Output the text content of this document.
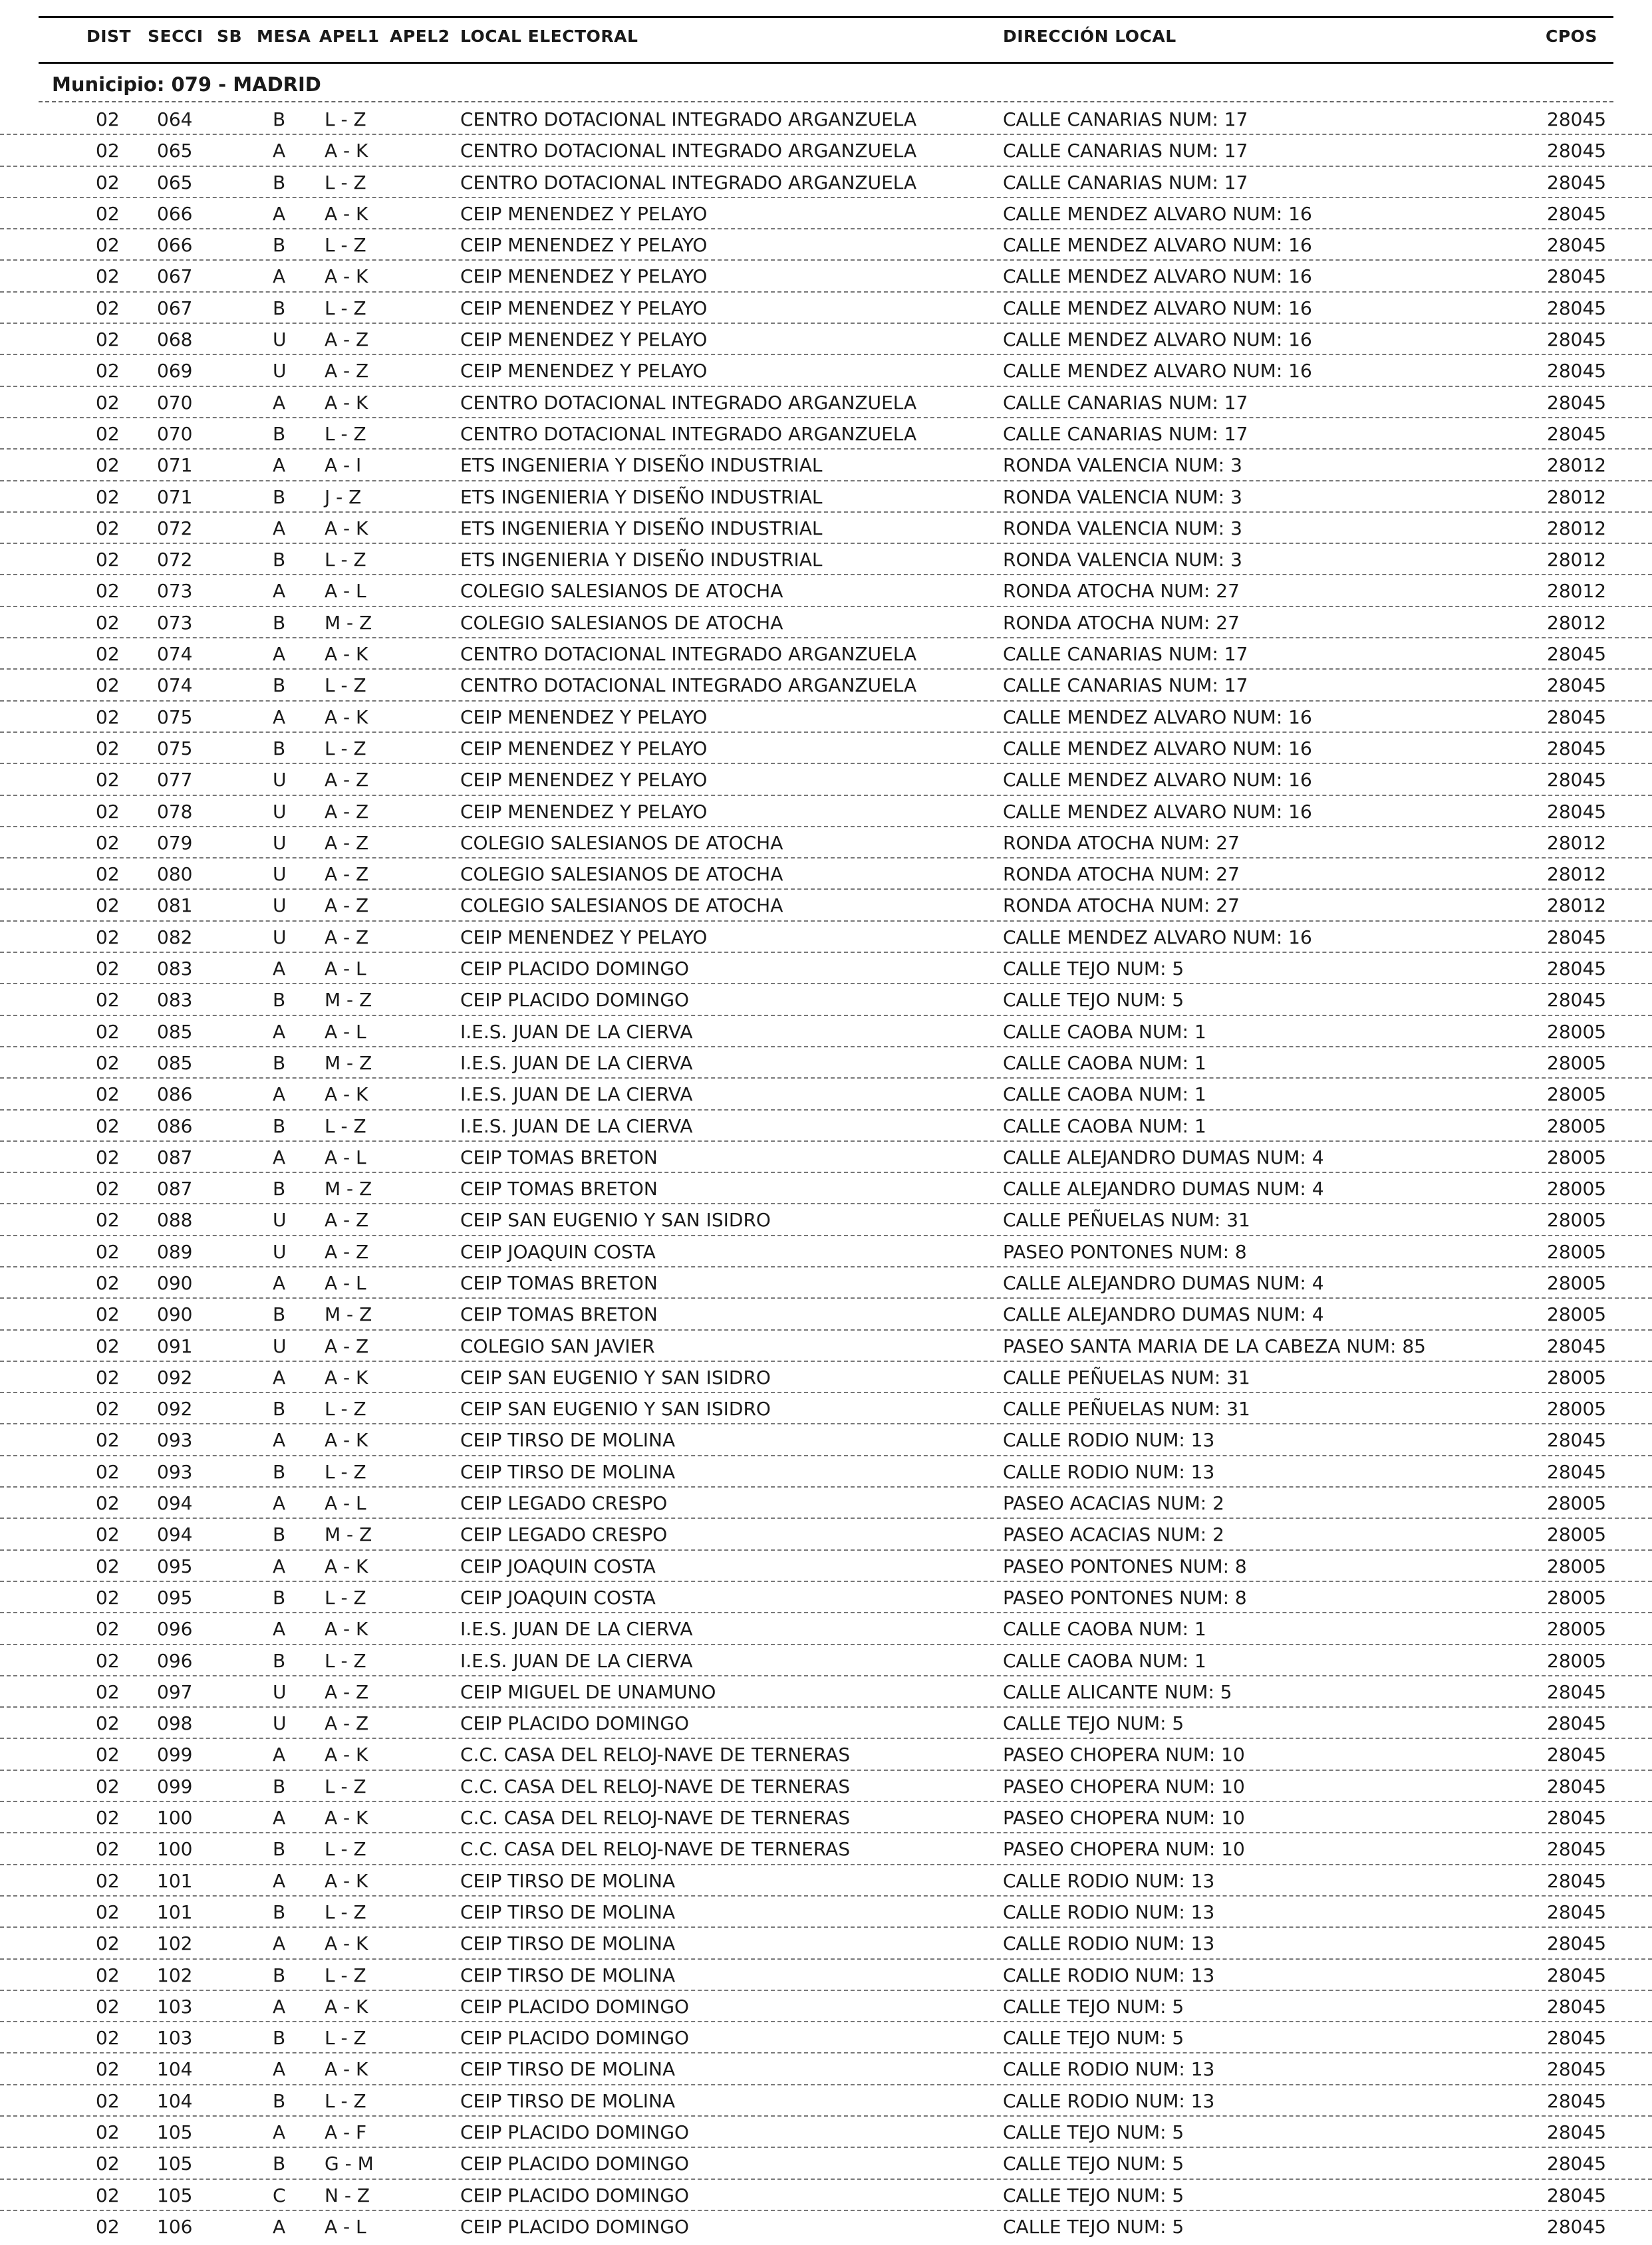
DIST SECCI SB MESA APEL1 APEL2 LOCAL ELECTORAL	DIRECCIÓN LOCAL	CPOS
Municipio: 079 - MADRID
02 064	B L - Z	CENTRO DOTACIONAL INTEGRADO ARGANZUELA	CALLE CANARIAS NUM: 17	28045
02 065	A A - K	CENTRO DOTACIONAL INTEGRADO ARGANZUELA	CALLE CANARIAS NUM: 17	28045
02 065	B L - Z	CENTRO DOTACIONAL INTEGRADO ARGANZUELA	CALLE CANARIAS NUM: 17	28045
02 066	A A - K	CEIP MENENDEZ Y PELAYO	CALLE MENDEZ ALVARO NUM: 16	28045
02 066	B L - Z	CEIP MENENDEZ Y PELAYO	CALLE MENDEZ ALVARO NUM: 16	28045
02 067	A A - K	CEIP MENENDEZ Y PELAYO	CALLE MENDEZ ALVARO NUM: 16	28045
02 067	B L - Z	CEIP MENENDEZ Y PELAYO	CALLE MENDEZ ALVARO NUM: 16	28045
02 068	U A - Z	CEIP MENENDEZ Y PELAYO	CALLE MENDEZ ALVARO NUM: 16	28045
02 069	U A - Z	CEIP MENENDEZ Y PELAYO	CALLE MENDEZ ALVARO NUM: 16	28045
02 070	A A - K	CENTRO DOTACIONAL INTEGRADO ARGANZUELA	CALLE CANARIAS NUM: 17	28045
02 070	B L - Z	CENTRO DOTACIONAL INTEGRADO ARGANZUELA	CALLE CANARIAS NUM: 17	28045
02 071	A A - I	ETS INGENIERIA Y DISEÑO INDUSTRIAL	RONDA VALENCIA NUM: 3	28012
02 071	B J - Z	ETS INGENIERIA Y DISEÑO INDUSTRIAL	RONDA VALENCIA NUM: 3	28012
02 072	A A - K	ETS INGENIERIA Y DISEÑO INDUSTRIAL	RONDA VALENCIA NUM: 3	28012
02 072	B L - Z	ETS INGENIERIA Y DISEÑO INDUSTRIAL	RONDA VALENCIA NUM: 3	28012
02 073	A A - L	COLEGIO SALESIANOS DE ATOCHA	RONDA ATOCHA NUM: 27	28012
02 073	B M - Z	COLEGIO SALESIANOS DE ATOCHA	RONDA ATOCHA NUM: 27	28012
02 074	A A - K	CENTRO DOTACIONAL INTEGRADO ARGANZUELA	CALLE CANARIAS NUM: 17	28045
02 074	B L - Z	CENTRO DOTACIONAL INTEGRADO ARGANZUELA	CALLE CANARIAS NUM: 17	28045
02 075	A A - K	CEIP MENENDEZ Y PELAYO	CALLE MENDEZ ALVARO NUM: 16	28045
02 075	B L - Z	CEIP MENENDEZ Y PELAYO	CALLE MENDEZ ALVARO NUM: 16	28045
02 077	U A - Z	CEIP MENENDEZ Y PELAYO	CALLE MENDEZ ALVARO NUM: 16	28045
02 078	U A - Z	CEIP MENENDEZ Y PELAYO	CALLE MENDEZ ALVARO NUM: 16	28045
02 079	U A - Z	COLEGIO SALESIANOS DE ATOCHA	RONDA ATOCHA NUM: 27	28012
02 080	U A - Z	COLEGIO SALESIANOS DE ATOCHA	RONDA ATOCHA NUM: 27	28012
02 081	U A - Z	COLEGIO SALESIANOS DE ATOCHA	RONDA ATOCHA NUM: 27	28012
02 082	U A - Z	CEIP MENENDEZ Y PELAYO	CALLE MENDEZ ALVARO NUM: 16	28045
02 083	A A - L	CEIP PLACIDO DOMINGO	CALLE TEJO NUM: 5	28045
02 083	B M - Z	CEIP PLACIDO DOMINGO	CALLE TEJO NUM: 5	28045
02 085	A A - L	I.E.S. JUAN DE LA CIERVA	CALLE CAOBA NUM: 1	28005
02 085	B M - Z	I.E.S. JUAN DE LA CIERVA	CALLE CAOBA NUM: 1	28005
02 086	A A - K	I.E.S. JUAN DE LA CIERVA	CALLE CAOBA NUM: 1	28005
02 086	B L - Z	I.E.S. JUAN DE LA CIERVA	CALLE CAOBA NUM: 1	28005
02 087	A A - L	CEIP TOMAS BRETON	CALLE ALEJANDRO DUMAS NUM: 4	28005
02 087	B M - Z	CEIP TOMAS BRETON	CALLE ALEJANDRO DUMAS NUM: 4	28005
02 088	U A - Z	CEIP SAN EUGENIO Y SAN ISIDRO	CALLE PEÑUELAS NUM: 31	28005
02 089	U A - Z	CEIP JOAQUIN COSTA	PASEO PONTONES NUM: 8	28005
02 090	A A - L	CEIP TOMAS BRETON	CALLE ALEJANDRO DUMAS NUM: 4	28005
02 090	B M - Z	CEIP TOMAS BRETON	CALLE ALEJANDRO DUMAS NUM: 4	28005
02 091	U A - Z	COLEGIO SAN JAVIER	PASEO SANTA MARIA DE LA CABEZA NUM: 85	28045
02 092	A A - K	CEIP SAN EUGENIO Y SAN ISIDRO	CALLE PEÑUELAS NUM: 31	28005
02 092	B L - Z	CEIP SAN EUGENIO Y SAN ISIDRO	CALLE PEÑUELAS NUM: 31	28005
02 093	A A - K	CEIP TIRSO DE MOLINA	CALLE RODIO NUM: 13	28045
02 093	B L - Z	CEIP TIRSO DE MOLINA	CALLE RODIO NUM: 13	28045
02 094	A A - L	CEIP LEGADO CRESPO	PASEO ACACIAS NUM: 2	28005
02 094	B M - Z	CEIP LEGADO CRESPO	PASEO ACACIAS NUM: 2	28005
02 095	A A - K	CEIP JOAQUIN COSTA	PASEO PONTONES NUM: 8	28005
02 095	B L - Z	CEIP JOAQUIN COSTA	PASEO PONTONES NUM: 8	28005
02 096	A A - K	I.E.S. JUAN DE LA CIERVA	CALLE CAOBA NUM: 1	28005
02 096	B L - Z	I.E.S. JUAN DE LA CIERVA	CALLE CAOBA NUM: 1	28005
02 097	U A - Z	CEIP MIGUEL DE UNAMUNO	CALLE ALICANTE NUM: 5	28045
02 098	U A - Z	CEIP PLACIDO DOMINGO	CALLE TEJO NUM: 5	28045
02 099	A A - K	C.C. CASA DEL RELOJ-NAVE DE TERNERAS	PASEO CHOPERA NUM: 10	28045
02 099	B L - Z	C.C. CASA DEL RELOJ-NAVE DE TERNERAS	PASEO CHOPERA NUM: 10	28045
02 100	A A - K	C.C. CASA DEL RELOJ-NAVE DE TERNERAS	PASEO CHOPERA NUM: 10	28045
02 100	B L - Z	C.C. CASA DEL RELOJ-NAVE DE TERNERAS	PASEO CHOPERA NUM: 10	28045
02 101	A A - K	CEIP TIRSO DE MOLINA	CALLE RODIO NUM: 13	28045
02 101	B L - Z	CEIP TIRSO DE MOLINA	CALLE RODIO NUM: 13	28045
02 102	A A - K	CEIP TIRSO DE MOLINA	CALLE RODIO NUM: 13	28045
02 102	B L - Z	CEIP TIRSO DE MOLINA	CALLE RODIO NUM: 13	28045
02 103	A A - K	CEIP PLACIDO DOMINGO	CALLE TEJO NUM: 5	28045
02 103	B L - Z	CEIP PLACIDO DOMINGO	CALLE TEJO NUM: 5	28045
02 104	A A - K	CEIP TIRSO DE MOLINA	CALLE RODIO NUM: 13	28045
02 104	B L - Z	CEIP TIRSO DE MOLINA	CALLE RODIO NUM: 13	28045
02 105	A A - F	CEIP PLACIDO DOMINGO	CALLE TEJO NUM: 5	28045
02 105	B G - M	CEIP PLACIDO DOMINGO	CALLE TEJO NUM: 5	28045
02 105	C N - Z	CEIP PLACIDO DOMINGO	CALLE TEJO NUM: 5	28045
02 106	A A - L	CEIP PLACIDO DOMINGO	CALLE TEJO NUM: 5	28045
